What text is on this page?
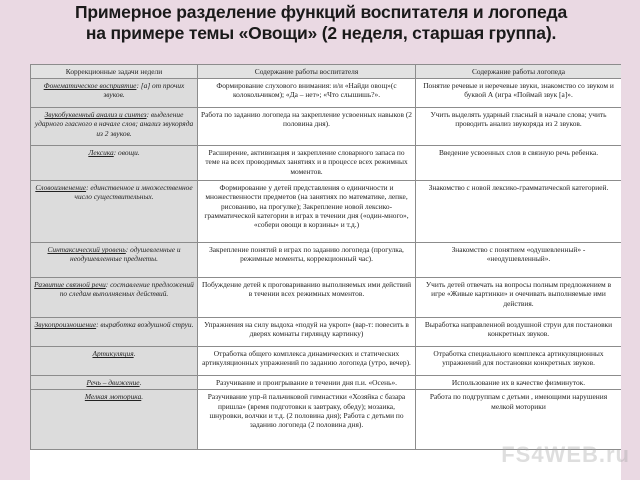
Примерное разделение функций воспитателя и логопеда
на примере темы «Овощи» (2 неделя, старшая группа).
Коррекционные задачи недели	Содержание работы воспитателя	Содержание работы логопеда
Фонематическое восприятие: [a] от прочих звуков.	Формирование слухового внимания: и/и «Найди овощ»(с колокольчиком); «Да – нет»; «Что слышишь?».	Понятие речевые и неречевые звуки, знакомство со звуком и буквой А (игра «Поймай звук [а]».
Звукобуквенный анализ и синтез: выделение ударного гласного в начале слов; анализ звукоряда из 2 звуков.	Работа по заданию логопеда на закрепление усвоенных навыков (2 половина дня).	Учить выделять ударный гласный в начале слова; учить проводить анализ звукоряда из 2 звуков.
Лексика: овощи.	Расширение, активизация и закрепление словарного запаса по теме на всех проводимых занятиях и в процессе всех режимных моментов.	Введение усвоенных слов в связную речь ребенка.
Словоизменение: единственное и множественное число существительных.	Формирование у детей представления о единичности и множественности предметов (на занятиях по математике, лепке, рисованию, на прогулке); Закрепление новой лексико-грамматической категории в играх в течении дня («один-много», «собери овощи в корзины» и т.д.)	Знакомство с новой лексико-грамматической категорией.
Синтаксический уровень: одушевленные и неодушевленные предметы.	Закрепление понятий в играх по заданию логопеда (прогулка, режимные моменты, коррекционный час).	Знакомство с понятием «одушевленный» - «неодушевленный».
Развитие связной речи: составление предложений по следам выполняемых действий.	Побуждение детей к проговариванию выполняемых ими действий в течении всех режимных моментов.	Учить детей отвечать на вопросы полным предложением в игре «Живые картинки» и очечивать выполняемые ими действия.
Звукопроизношение: выработка воздушной струи.	Упражнения на силу выдоха «подуй на укроп» (вар-т: повесить в дверях комнаты гирлянду картинку)	Выработка направленной воздушной струи для постановки конкретных звуков.
Артикуляция.	Отработка общего комплекса динамических и статических артикуляционных упражнений по заданию логопеда (утро, вечер).	Отработка специального комплекса артикуляционных упражнений для постановки конкретных звуков.
Речь – движение.	Разучивание и проигрывание в течении дня п.и. «Осень».	Использование их в качестве физминуток.
Мелкая моторика.	Разучивание упр-й пальчиковой гимнастики «Хозяйка с базара пришла» (время подготовки к завтраку, обеду); мозаика, шнуровки, волчки и т.д. (2 половина дня); Работа с детьми по заданию логопеда (2 половина дня).	Работа по подгруппам с детьми , имеющими нарушения мелкой моторики
FS4WEB.ru
